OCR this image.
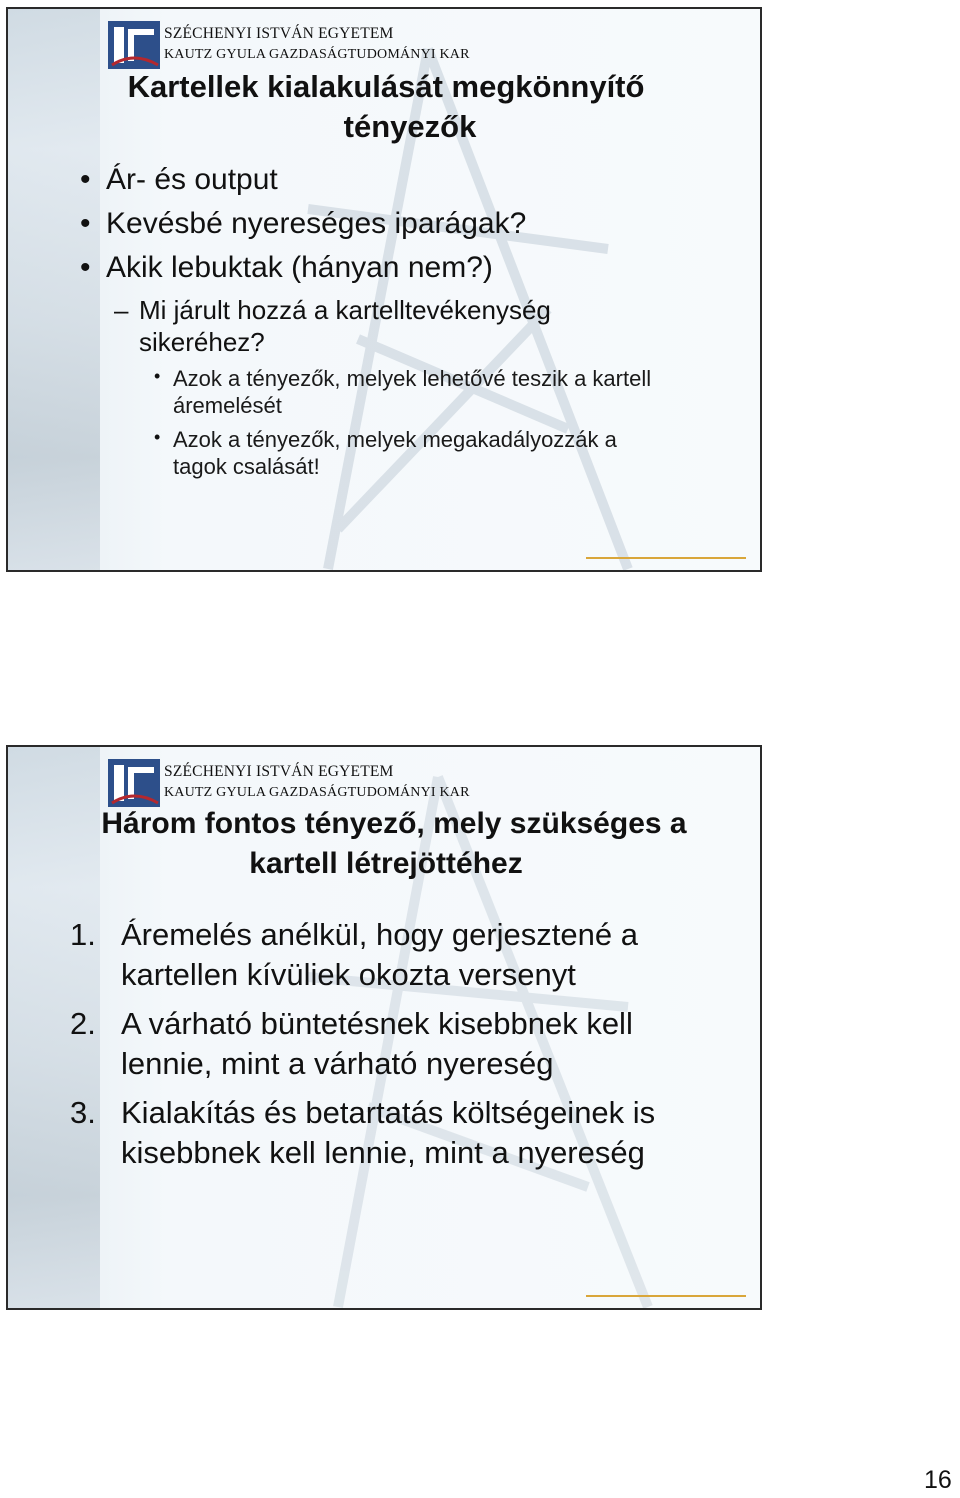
SZÉCHENYI ISTVÁN EGYETEM
KAUTZ GYULA GAZDASÁGTUDOMÁNYI KAR
Kartellek kialakulását megkönnyítő
tényezők
• Ár- és output
• Kevésbé nyereséges iparágak?
• Akik lebuktak (hányan nem?)
– Mi járult hozzá a kartelltevékenység
sikeréhez?
• Azok a tényezők, melyek lehetővé teszik a kartell
áremelését
• Azok a tényezők, melyek megakadályozzák a
tagok csalását!
SZÉCHENYI ISTVÁN EGYETEM
KAUTZ GYULA GAZDASÁGTUDOMÁNYI KAR
Három fontos tényező, mely szükséges a
kartell létrejöttéhez
1. Áremelés anélkül, hogy gerjesztené a
kartellen kívüliek okozta versenyt
2. A várható büntetésnek kisebbnek kell
lennie, mint a várható nyereség
3. Kialakítás és betartatás költségeinek is
kisebbnek kell lennie, mint a nyereség
16
